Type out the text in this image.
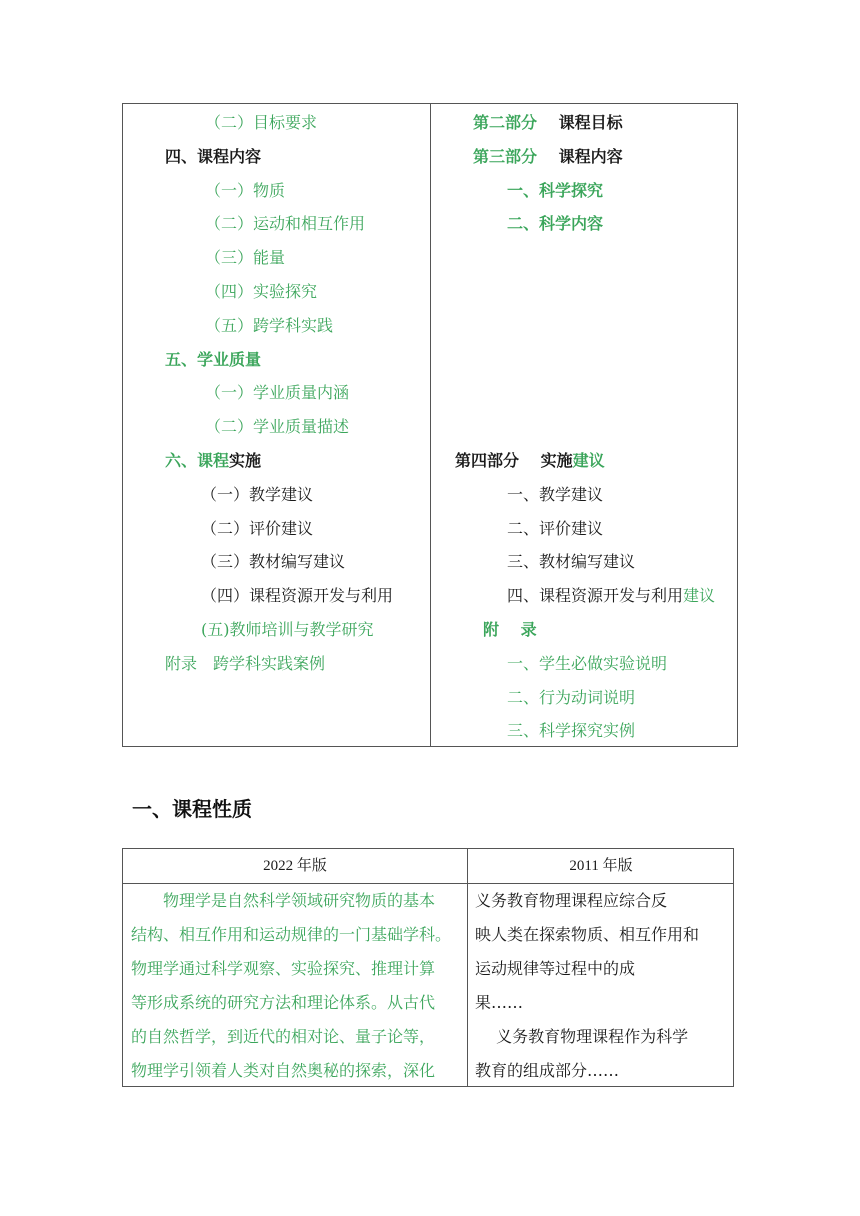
（二）目标要求
四、课程内容
（一）物质
（二）运动和相互作用
（三）能量
（四）实验探究
（五）跨学科实践
五、学业质量
（一）学业质量内涵
（二）学业质量描述
六、课程实施
（一）教学建议
（二）评价建议
（三）教材编写建议
（四）课程资源开发与利用
(五)教师培训与教学研究
附录　跨学科实践案例
第二部分　 课程目标
第三部分　 课程内容
一、科学探究
二、科学内容
第四部分　 实施建议
一、教学建议
二、评价建议
三、教材编写建议
四、课程资源开发与利用建议
附　 录
一、学生必做实验说明
二、行为动词说明
三、科学探究实例
一、课程性质
2022 年版	2011 年版
　　物理学是自然科学领域研究物质的基本
结构、相互作用和运动规律的一门基础学科。
物理学通过科学观察、实验探究、推理计算
等形成系统的研究方法和理论体系。从古代
的自然哲学，到近代的相对论、量子论等，
物理学引领着人类对自然奥秘的探索，深化
义务教育物理课程应综合反
映人类在探索物质、相互作用和
运动规律等过程中的成
果……
　 义务教育物理课程作为科学
教育的组成部分……
